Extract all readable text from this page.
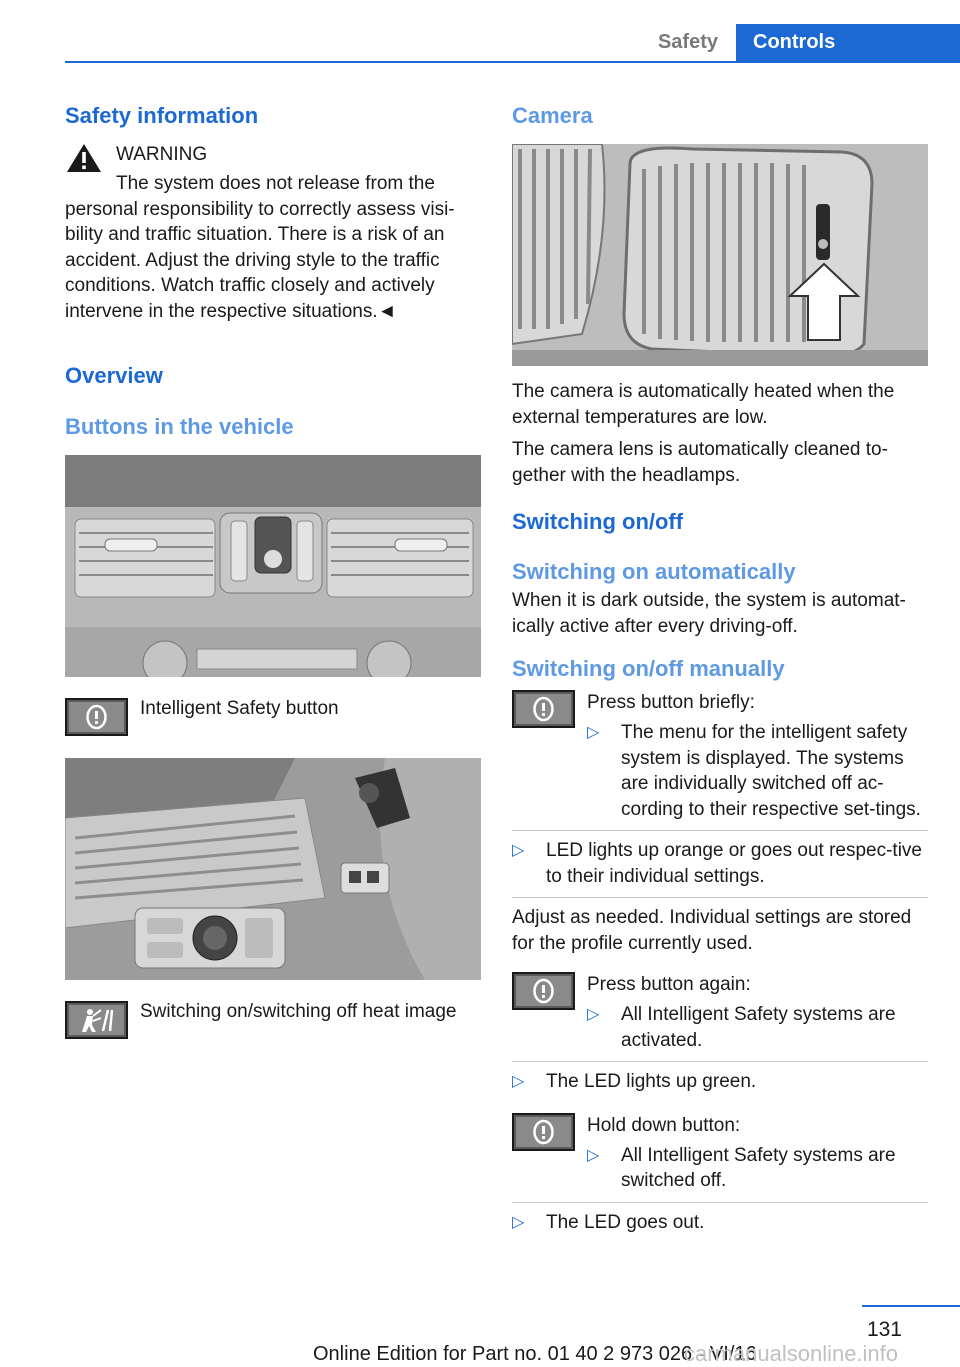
Safety	Controls
Safety information

WARNING

The system does not release from the personal responsibility to correctly assess visi‐bility and traffic situation. There is a risk of an accident. Adjust the driving style to the traffic conditions. Watch traffic closely and actively intervene in the respective situations.◄

Overview
Buttons in the vehicle
Intelligent Safety button
Switching on/switching off heat image
Camera

The camera is automatically heated when the external temperatures are low.

The camera lens is automatically cleaned to‐gether with the headlamps.

Switching on/off
Switching on automatically

When it is dark outside, the system is automat‐ically active after every driving-off.

Switching on/off manually

Press button briefly:

▷ The menu for the intelligent safety system is displayed. The systems are individually switched off ac‐cording to their respective set‐tings.
▷ LED lights up orange or goes out respec‐tive to their individual settings.

Adjust as needed. Individual settings are stored for the profile currently used.

Press button again:

▷ All Intelligent Safety systems are activated.
▷ The LED lights up green.

Hold down button:

▷ All Intelligent Safety systems are switched off.
▷ The LED goes out.
131
Online Edition for Part no. 01 40 2 973 026 - VI/16
carmanualsonline.info
